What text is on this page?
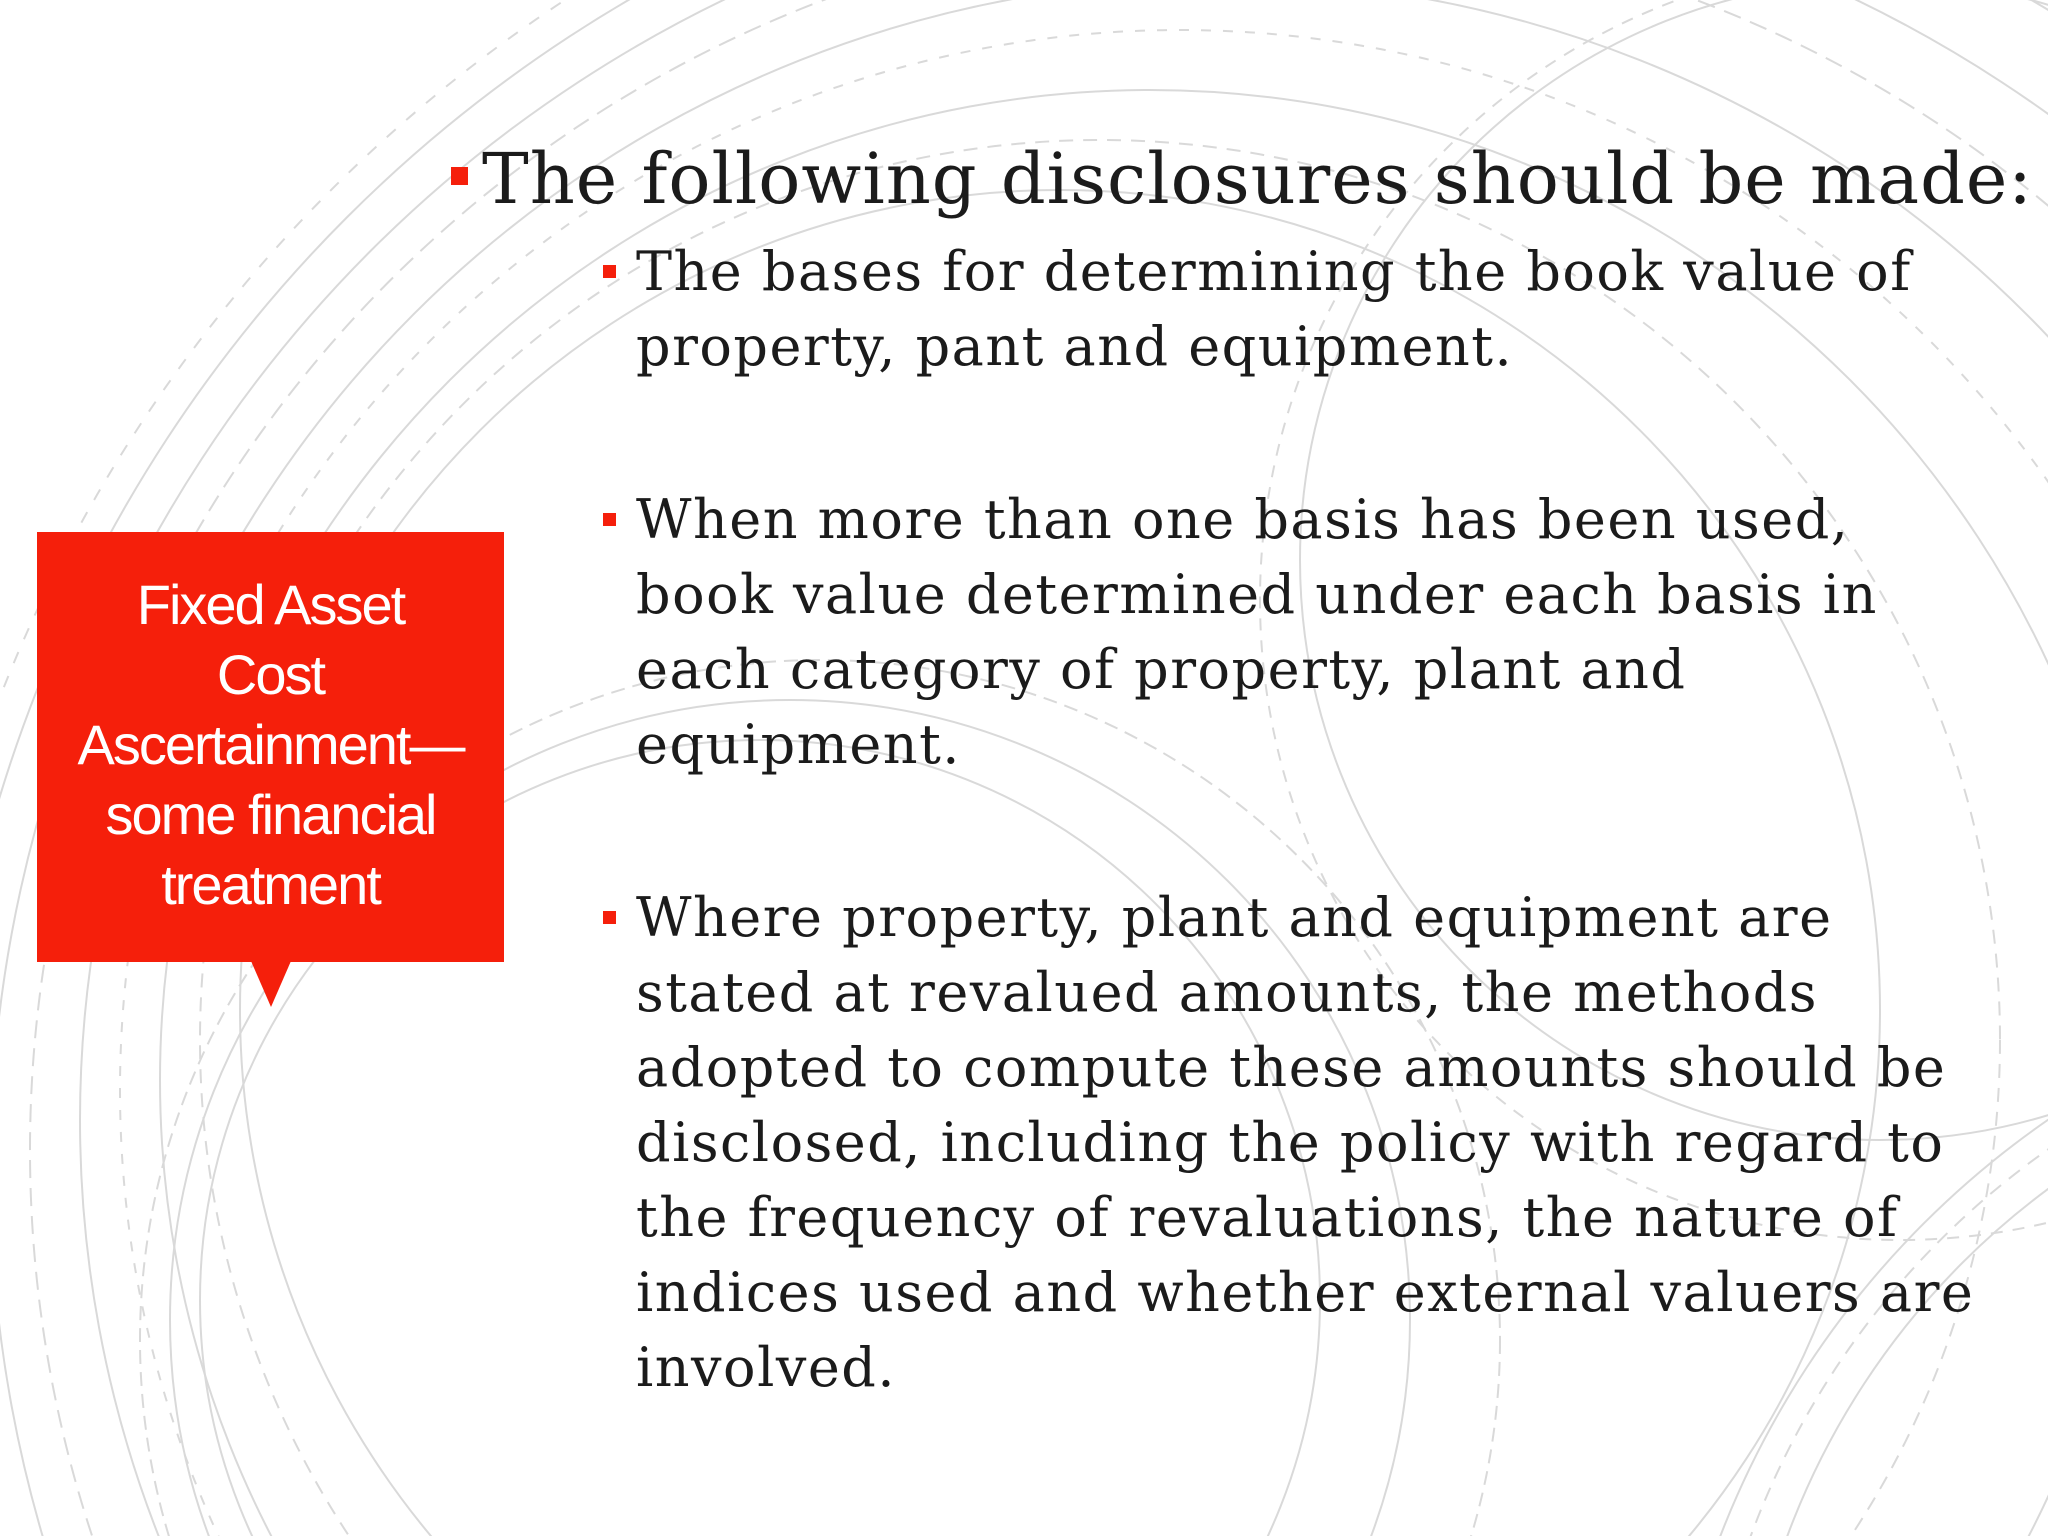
Fixed Asset
Cost
Ascertainment—
some financial
treatment
The following disclosures should be made:
The bases for determining the book value of
property, pant and equipment.
When more than one basis has been used,
book value determined under each basis in
each category of property, plant and
equipment.
Where property, plant and equipment are
stated at revalued amounts, the methods
adopted to compute these amounts should be
disclosed, including the policy with regard to
the frequency of revaluations, the nature of
indices used and whether external valuers are
involved.
